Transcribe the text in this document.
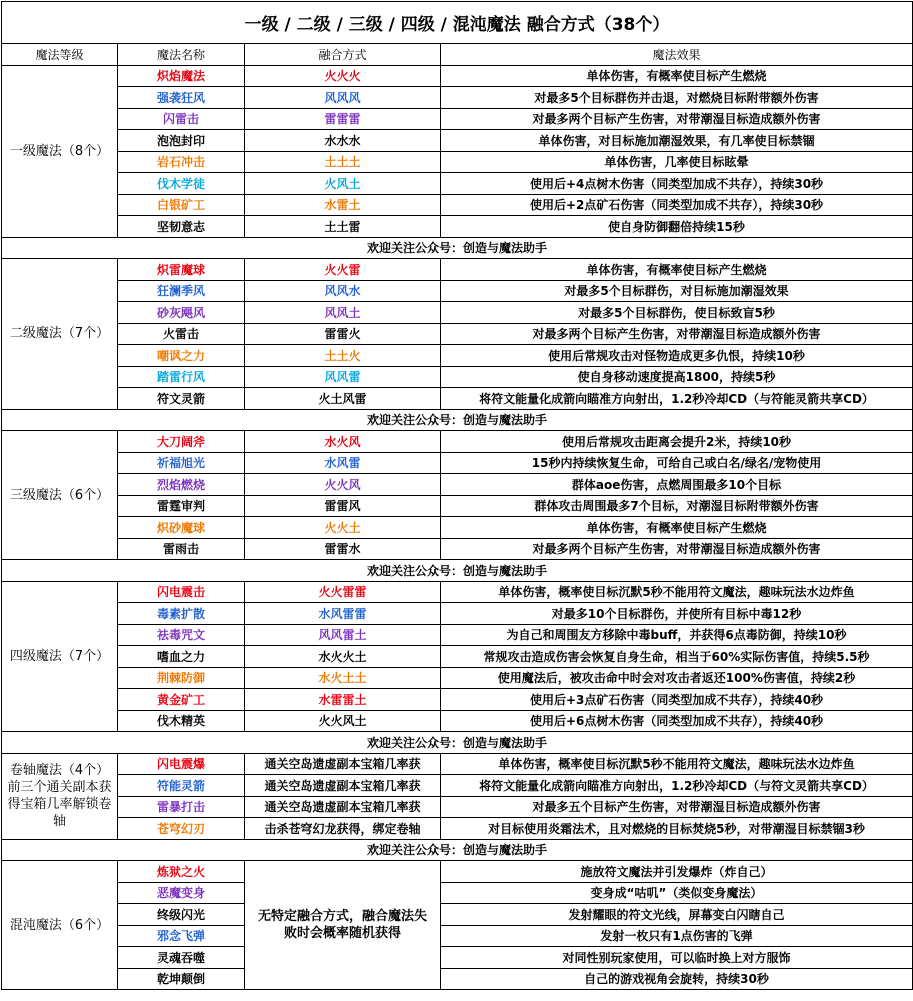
一级 / 二级 / 三级 / 四级 / 混沌魔法 融合方式（38个）			
魔法等级	魔法名称	融合方式	魔法效果
一级魔法（8个）	炽焰魔法	火火火	单体伤害，有概率使目标产生燃烧
	强袭狂风	风风风	对最多5个目标群伤并击退，对燃烧目标附带额外伤害
	闪雷击	雷雷雷	对最多两个目标产生伤害，对带潮湿目标造成额外伤害
	泡泡封印	水水水	单体伤害，对目标施加潮湿效果，有几率使目标禁锢
	岩石冲击	土土土	单体伤害，几率使目标眩晕
	伐木学徒	火风土	使用后+4点树木伤害（同类型加成不共存），持续30秒
	白银矿工	水雷土	使用后+2点矿石伤害（同类型加成不共存），持续30秒
	坚韧意志	土土雷	使自身防御翻倍持续15秒
欢迎关注公众号：创造与魔法助手			
二级魔法（7个）	炽雷魔球	火火雷	单体伤害，有概率使目标产生燃烧
	狂澜季风	风风水	对最多5个目标群伤，对目标施加潮湿效果
	砂灰飓风	风风土	对最多5个目标群伤，使目标致盲5秒
	火雷击	雷雷火	对最多两个目标产生伤害，对带潮湿目标造成额外伤害
	嘲讽之力	土土火	使用后常规攻击对怪物造成更多仇恨，持续10秒
	踏雷行风	风风雷	使自身移动速度提高1800，持续5秒
	符文灵箭	火土风雷	将符文能量化成箭向瞄准方向射出，1.2秒冷却CD（与符能灵箭共享CD）
欢迎关注公众号：创造与魔法助手			
三级魔法（6个）	大刀阔斧	水火风	使用后常规攻击距离会提升2米，持续10秒
	祈福旭光	水风雷	15秒内持续恢复生命，可给自己或白名/绿名/宠物使用
	烈焰燃烧	火火风	群体aoe伤害，点燃周围最多10个目标
	雷霆审判	雷雷风	群体攻击周围最多7个目标，对潮湿目标附带额外伤害
	炽砂魔球	火火土	单体伤害，有概率使目标产生燃烧
	雷雨击	雷雷水	对最多两个目标产生伤害，对带潮湿目标造成额外伤害
欢迎关注公众号：创造与魔法助手			
四级魔法（7个）	闪电震击	火火雷雷	单体伤害，概率使目标沉默5秒不能用符文魔法，趣味玩法水边炸鱼
	毒素扩散	水风雷雷	对最多10个目标群伤，并使所有目标中毒12秒
	祛毒咒文	风风雷土	为自己和周围友方移除中毒buff，并获得6点毒防御，持续10秒
	嗜血之力	水火火土	常规攻击造成伤害会恢复自身生命，相当于60%实际伤害值，持续5.5秒
	荆棘防御	水火土土	使用魔法后，被攻击命中时会对攻击者返还100%伤害值，持续2秒
	黄金矿工	水雷雷土	使用后+3点矿石伤害（同类型加成不共存），持续40秒
	伐木精英	火火风土	使用后+6点树木伤害（同类型加成不共存），持续40秒
欢迎关注公众号：创造与魔法助手			
卷轴魔法（4个）前三个通关副本获得宝箱几率解锁卷轴	闪电震爆	通关空岛遗虚副本宝箱几率获	单体伤害，概率使目标沉默5秒不能用符文魔法，趣味玩法水边炸鱼
	符能灵箭	通关空岛遗虚副本宝箱几率获	将符文能量化成箭向瞄准方向射出，1.2秒冷却CD（与符文灵箭共享CD）
	雷暴打击	通关空岛遗虚副本宝箱几率获	对最多五个目标产生伤害，对带潮湿目标造成额外伤害
	苍穹幻刃	击杀苍穹幻龙获得，绑定卷轴	对目标使用炎霜法术，且对燃烧的目标焚烧5秒，对带潮湿目标禁锢3秒
欢迎关注公众号：创造与魔法助手			
混沌魔法（6个）	炼狱之火	无特定融合方式，融合魔法失败时会概率随机获得	施放符文魔法并引发爆炸（炸自己）
	恶魔变身		变身成“咕叽”（类似变身魔法）
	终级闪光		发射耀眼的符文光线，屏幕变白闪瞎自己
	邪念飞弹		发射一枚只有1点伤害的飞弹
	灵魂吞噬		对同性别玩家使用，可以临时换上对方服饰
	乾坤颠倒		自己的游戏视角会旋转，持续30秒
